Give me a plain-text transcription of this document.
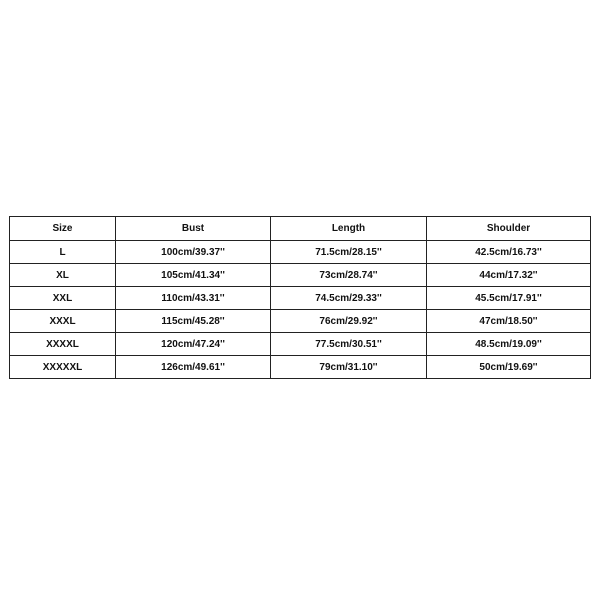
Size	Bust	Length	Shoulder
L	100cm/39.37''	71.5cm/28.15''	42.5cm/16.73''
XL	105cm/41.34''	73cm/28.74''	44cm/17.32''
XXL	110cm/43.31''	74.5cm/29.33''	45.5cm/17.91''
XXXL	115cm/45.28''	76cm/29.92''	47cm/18.50''
XXXXL	120cm/47.24''	77.5cm/30.51''	48.5cm/19.09''
XXXXXL	126cm/49.61''	79cm/31.10''	50cm/19.69''
